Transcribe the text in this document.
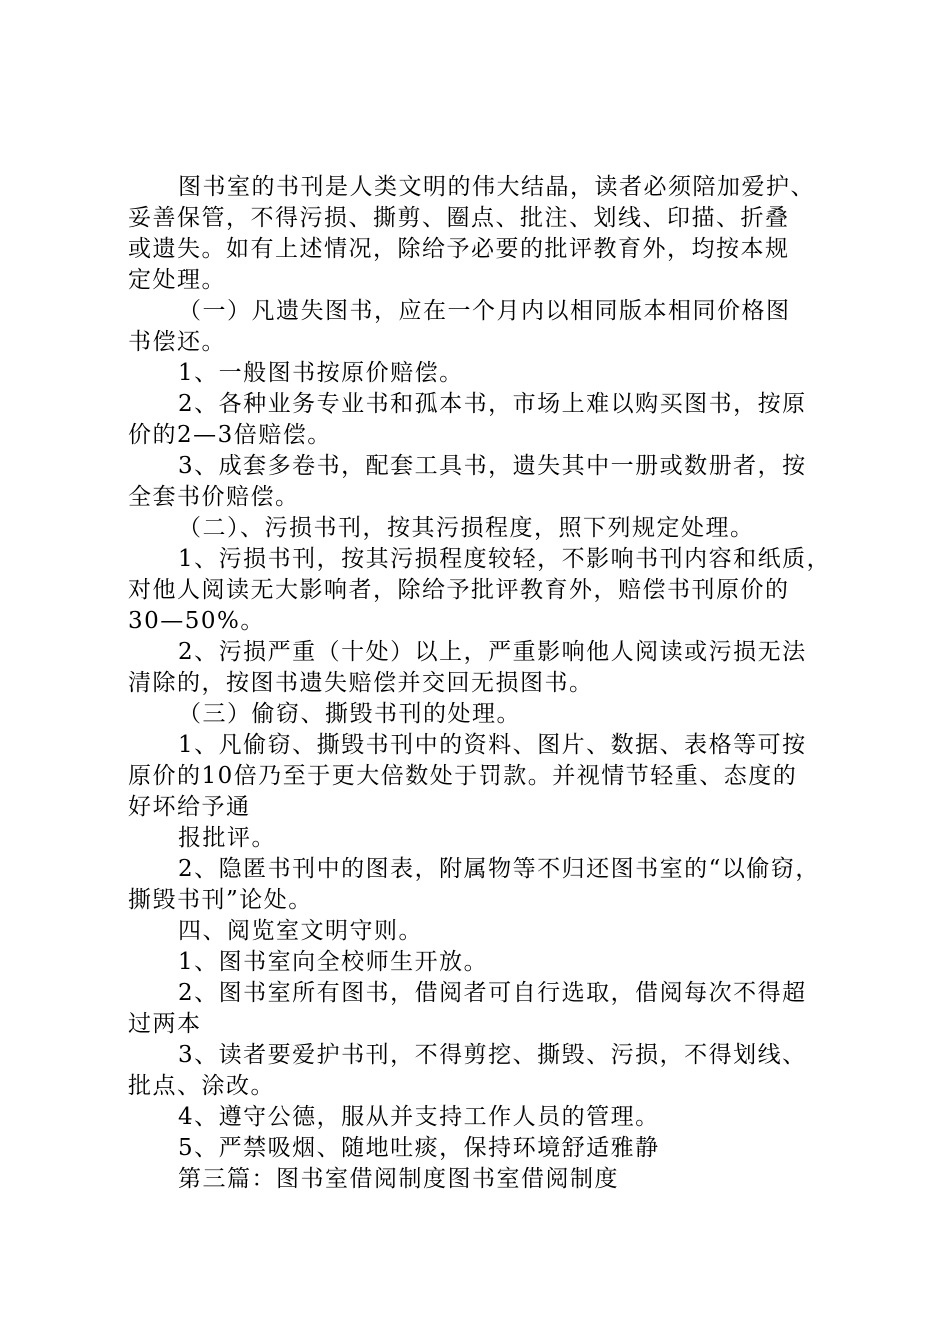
图书室的书刊是人类文明的伟大结晶，读者必须陪加爱护、
妥善保管，不得污损、撕剪、圈点、批注、划线、印描、折叠
或遗失。如有上述情况，除给予必要的批评教育外，均按本规
定处理。
（一）凡遗失图书，应在一个月内以相同版本相同价格图
书偿还。
1、一般图书按原价赔偿。
2、各种业务专业书和孤本书，市场上难以购买图书，按原
价的2—3倍赔偿。
3、成套多卷书，配套工具书，遗失其中一册或数册者，按
全套书价赔偿。
（二）、污损书刊，按其污损程度，照下列规定处理。
1、污损书刊，按其污损程度较轻，不影响书刊内容和纸质，
对他人阅读无大影响者，除给予批评教育外，赔偿书刊原价的
30—50%。
2、污损严重（十处）以上，严重影响他人阅读或污损无法
清除的，按图书遗失赔偿并交回无损图书。
（三）偷窃、撕毁书刊的处理。
1、凡偷窃、撕毁书刊中的资料、图片、数据、表格等可按
原价的10倍乃至于更大倍数处于罚款。并视情节轻重、态度的
好坏给予通
报批评。
2、隐匿书刊中的图表，附属物等不归还图书室的“以偷窃，
撕毁书刊”论处。
四、阅览室文明守则。
1、图书室向全校师生开放。
2、图书室所有图书，借阅者可自行选取，借阅每次不得超
过两本
3、读者要爱护书刊，不得剪挖、撕毁、污损，不得划线、
批点、涂改。
4、遵守公德，服从并支持工作人员的管理。
5、严禁吸烟、随地吐痰，保持环境舒适雅静
第三篇：图书室借阅制度图书室借阅制度
